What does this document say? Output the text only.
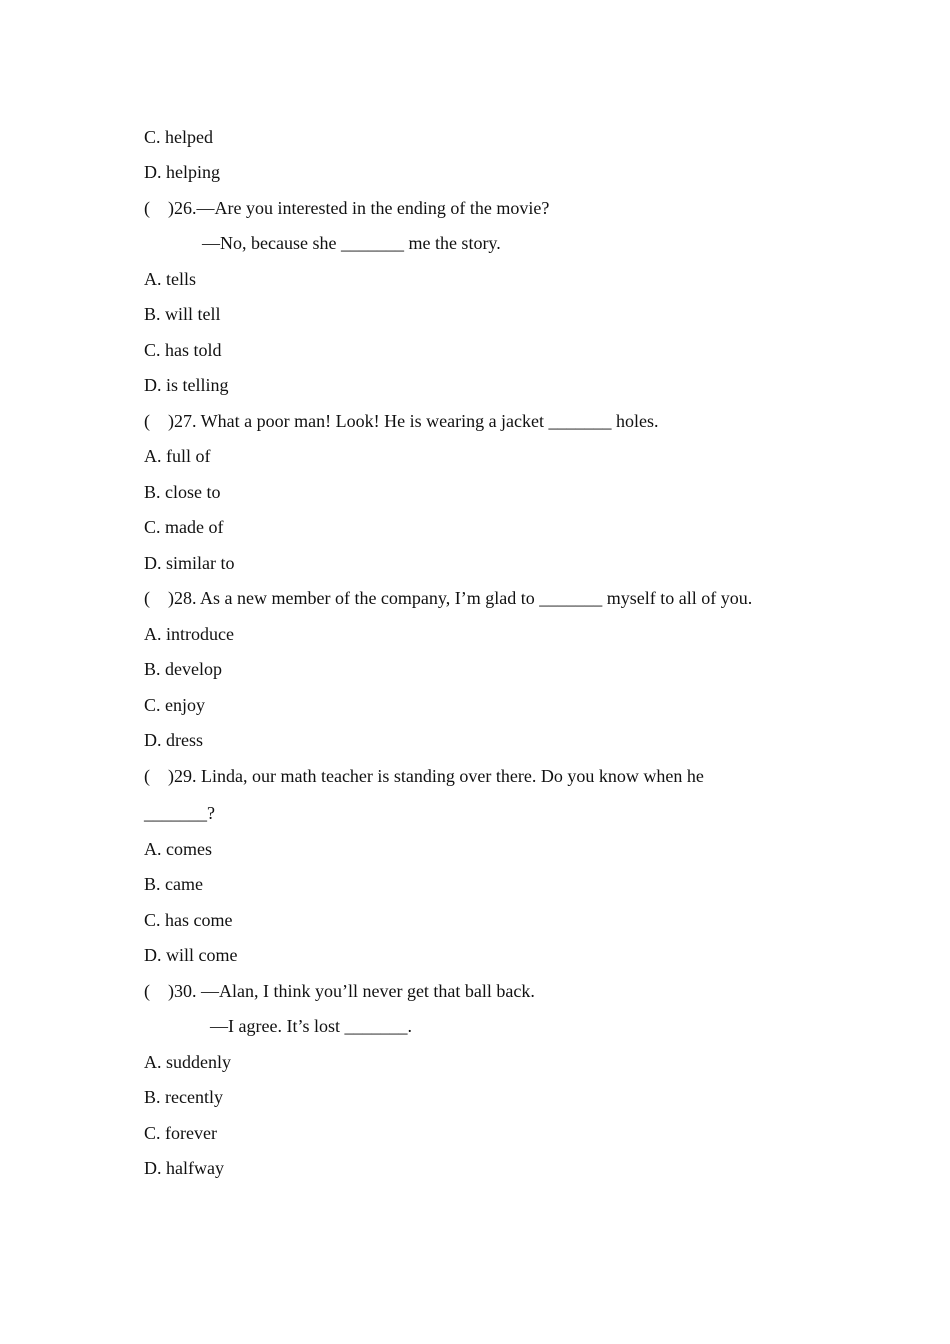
C. helped
D. helping
(    )26.—Are you interested in the ending of the movie?
—No, because she _______ me the story.
A. tells
B. will tell
C. has told
D. is telling
(    )27. What a poor man! Look! He is wearing a jacket _______ holes.
A. full of
B. close to
C. made of
D. similar to
(    )28. As a new member of the company, I’m glad to _______ myself to all of you.
A. introduce
B. develop
C. enjoy
D. dress
(    )29. Linda, our math teacher is standing over there. Do you know when he
_______?
A. comes
B. came
C. has come
D. will come
(    )30. —Alan, I think you’ll never get that ball back.
—I agree. It’s lost _______.
A. suddenly
B. recently
C. forever
D. halfway
